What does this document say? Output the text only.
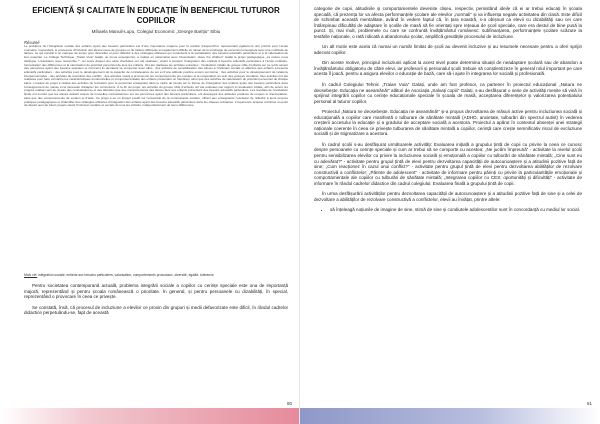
EFICIENȚĂ ȘI CALITATE ÎN EDUCAȚIE ÎN BENEFICIUL TUTUROR
COPIILOR

Mihaela Manuil-Lupu, Colegiul Economic „George Barițiu” Sibiu

Résumé

Le problème de l’intégration sociale des enfants ayant des besoins particuliers est d’une importance majeure pour la société d’aujourd’hui, représentant également une priorité pour l’école roumaine. Cependant, le processus d’inclusion des élèves issus de groupes et de milieux différents est également difficile en raison de la surcharge du personnel enseignant avec une multitude de tâches, ce qui conduit à un manque de temps pour diversifier et pour réfléchir à des stratégies efficaces qui conduisent à la socialisation des besoins éducatifs particuliers et à la valorisation de leur potentiel. Le Collège Technique „Traian Vuia” Galați, ou (nous enseignons), a réalisé en partenariat avec l’Association „Save the children” Galați le projet pédagogique „La nature nous distingue. L’éducation nous ressemble !”, au cours duquel une série d’activités ont été réalisées, visant à soutenir l’intégration des enfants à besoins éducatifs particuliers à l’école ordinaire, l’acceptation des différences et la valorisation du potentiel personnel de tous les enfants. Ont été réalisées les activités suivantes : l’évaluation initiale du groupe cible d’enfants sur ce qu’ils savent des personnes ayant des besoins spéciaux et comment ils devraient se comporter avec elles ; des activités de sensibilisation des élèves à l’inclusion sociale et affective des enfants à besoins éducatifs particuliers ; des activités pour le développement de la capacité de connaissance de soi et d’une attitude positive envers soi-même ; des activités pour le développement de relations interpersonnelles ; des activités de résolution des conflits ; des activités visant à promouvoir les comportements pro-sociaux et la coopération au sein des groupes d’enfants. Des activités ont été réalisées pour faire connaître les caractéristiques émotionnelles et comportementales des enfants présentant un handicap, ainsi que des activités de valorisation du potentiel personnel de chaque élève. L’équipe de projet a réalisé des activités de formation pour le personnel enseignant dans le cadre de l’école sur le thème de l’intégration des enfants ayant des besoins particuliers dans l’enseignement de masse et la nécessité d’adapter les curriculums. À la fin du projet, les activités du groupe cible d’enfants ont été évaluées par rapport à l’évaluation initiale, afin de suivre les progrès réalisés tant au niveau des connaissances et des attitudes que des comportements des élèves face aux enfants présentant des besoins éducatifs particuliers. Les résultats de l’évaluation finale ont montré que les élèves avaient acquis de nouvelles connaissances sur les personnes ayant des besoins particuliers, ont développé des attitudes positives de respect et d’acceptation, ainsi que des comportements de soutien et d’aide. Ce projet a eu un impact positif sur l’ensemble de la communauté scolaire, offrant aux enseignants l’occasion de réfléchir à leurs propres pratiques pédagogiques et d’identifier des stratégies efficaces d’intégration des enfants ayant des besoins éducatifs particuliers dans les classes ordinaires. L’expérience acquise constitue un point de départ pour de futurs projets visant l’inclusion scolaire et sociale de tous les enfants, indépendamment de leurs différences.

Mots clé: intégration sociale, enfants aux besoins particuliers, valorisation, comportements prosociaux, diversité, égalité, tolérance

Pentru societatea contemporană actuală, problema integrării sociale a copiilor cu cerințe speciale este una de importanță majoră, reprezentând și pentru școala românească o prioritate. În general, și pentru persoanele cu dizabilități, în special, reprezentând o provocare în ceea ce privește.

Se constată, însă, că procesul de incluziune a elevilor ce provin din grupuri și medii defavorizate este dificil, în rândul cadrelor didactice perpetuându-se, fapt de această

80

categorie de copii, atitudinile și comportamentele devenite clișeu, respectiv, persistând ideile că ei ar trebui educați în școala specială, că prezența lor va afecta performanțele școlare ale elevilor „normali” și va influența negativ activitatea din clasă. Este dificil de schimbat această mentalitate, având în vedere faptul că, în țara noastră, s-a obișnuit ca elevii cu dizabilități sau cei care întâmpinau dificultăți de adaptare în școlile de masă să fie orientați spre rețeaua de școli speciale, care era destul de bine pusă la punct. Și, mai mult, problemele cu care se confruntă învățământul românesc: subfinanțarea, performanțele școlare scăzute la testările naționale, o rată ridicată a abandonului școlar, amplifică greutățile procesului de incluziune.

Un alt motiv este acela că numai un număr limitat de școli au devenit incluzive și au resursele necesare pentru a oferi sprijin adecvat copiilor.

Din aceste motive, principiul incluziunii aplicat la acest nivel poate determina situații de neadaptare școlară sau de abandon a învățământului obligatoriu de către elevi, iar profesorii și personalul școlii trebuie să conștientizeze în general rolul important pe care acesta îl joacă, pentru a asigura elevilor o educație de bază, care să-i ajute în integrarea lor socială și profesională.

În cadrul Colegiului Tehnic „Traian Vuia” Galați, unde am fost profesor, ca partener în proiectul educațional „Natura ne deosebește. Educația ne aseamănă!” alături de Asociația „Salvați copiii” Galați, s-au desfășurat o serie de activități menite să vină în sprijinul integrării copiilor cu cerințe educaționale speciale în școala de masă, acceptarea diferențelor și valorizarea potențialului personal al tuturor copiilor.

Proiectul „Natura ne deosebește. Educația ne aseamănă!” și-a propus dezvoltarea de măsuri active pentru incluziunea socială și educațională a copiilor care manifestă o tulburare de sănătate mintală (ADHD, anxietate, tulburări din spectrul autist) în vederea creșterii accesului la educație și a gradului de acceptare socială a acestora. Proiectul a apărut în contextul absenței unei strategii naționale coerente în ceea ce privește tulburarea de sănătate mintală a copiilor, cerință care crește semnificativ riscul de excluziune socială și de stigmatizare a acestora.

În cadrul școlii s-au desfășurat următoarele activități: Evaluarea inițială a grupului țintă de copii cu privire la ceea ce cunosc despre persoanele cu cerințe speciale și cum ar trebui să se comporte cu acestea; „Ne jucăm împreună” - activitate la nivelul școlii pentru sensibilizarea elevilor cu privire la incluziunea socială și emoțională a copiilor cu tulburări de sănătate mintală; „Cine sunt eu cu adevărat?” - activitate pentru grupul țintă de elevi pentru dezvoltarea capacității de autocunoaștere și a atitudinii pozitive față de sine; „Cum reacționez în cazul unui conflict?” - activitate pentru grupul țintă de elevi pentru dezvoltarea abilităților de rezolvare constructivă a conflictelor; „Părinte de adolescent” - activitate de informare pentru părinți cu privire la particularitățile emoționale și comportamentale ale copiilor cu tulburări de sănătate mintală; „Integrarea copiilor cu CES: oportunități și dificultăți” - activitate de informare în rândul cadrelor didactice din cadrul colegiului; Evaluarea finală a grupului țintă de copii.

În urma desfășurării activităților pentru dezvoltarea capacității de autocunoaștere și a atitudinii pozitive față de sine și a celei de dezvoltare a abilităților de rezolvare constructivă a conflictelor, elevii au învățat, printre altele:

• să înțeleagă noțiunile de imagine de sine, stimă de sine și condiutele adolescentilor sunt în concordanță cu mediul lor social.
81
